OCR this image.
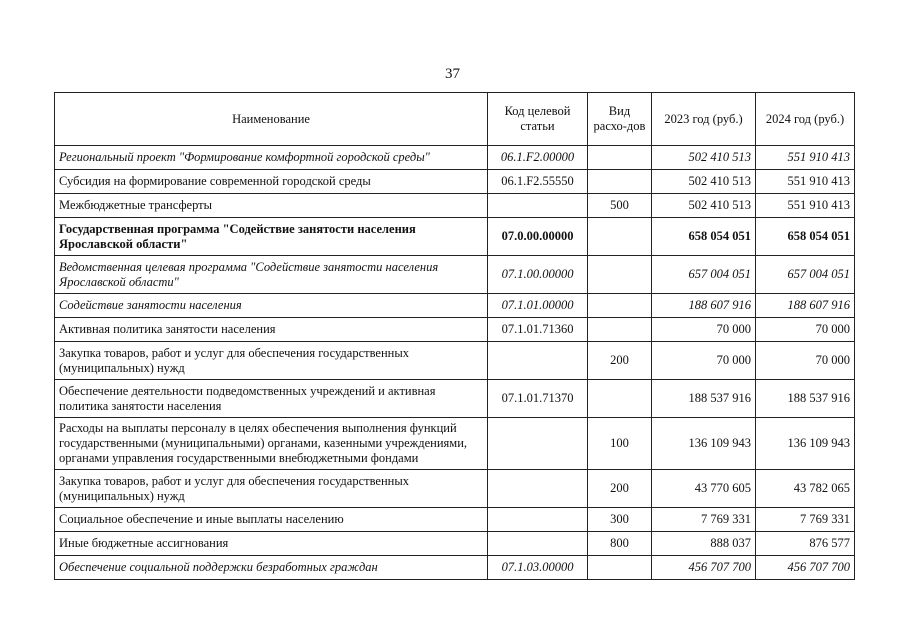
37
Наименование	Код целевой статьи	Вид расхо-дов	2023 год (руб.)	2024 год (руб.)
Региональный проект "Формирование комфортной городской среды"	06.1.F2.00000		502 410 513	551 910 413
Субсидия на формирование современной городской среды	06.1.F2.55550		502 410 513	551 910 413
Межбюджетные трансферты		500	502 410 513	551 910 413
Государственная программа "Содействие занятости населения Ярославской области"	07.0.00.00000		658 054 051	658 054 051
Ведомственная целевая программа "Содействие занятости населения Ярославской области"	07.1.00.00000		657 004 051	657 004 051
Содействие занятости населения	07.1.01.00000		188 607 916	188 607 916
Активная политика занятости населения	07.1.01.71360		70 000	70 000
Закупка товаров, работ и услуг для обеспечения государственных (муниципальных) нужд		200	70 000	70 000
Обеспечение деятельности подведомственных учреждений и активная политика занятости населения	07.1.01.71370		188 537 916	188 537 916
Расходы на выплаты персоналу в целях обеспечения выполнения функций государственными (муниципальными) органами, казенными учреждениями, органами управления государственными внебюджетными фондами		100	136 109 943	136 109 943
Закупка товаров, работ и услуг для обеспечения государственных (муниципальных) нужд		200	43 770 605	43 782 065
Социальное обеспечение и иные выплаты населению		300	7 769 331	7 769 331
Иные бюджетные ассигнования		800	888 037	876 577
Обеспечение социальной поддержки безработных граждан	07.1.03.00000		456 707 700	456 707 700
